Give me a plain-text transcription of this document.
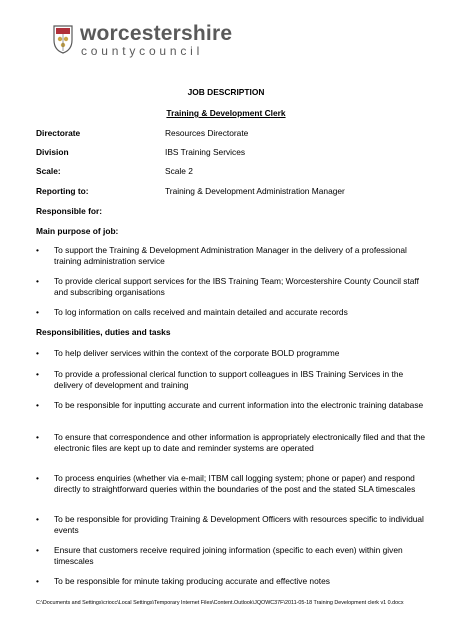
worcestershire
countycouncil
JOB DESCRIPTION
Training & Development Clerk
Directorate	Resources Directorate
Division	IBS Training Services
Scale:	Scale 2
Reporting to:	Training & Development Administration Manager
Responsible for:
Main purpose of job:
• To support the Training & Development Administration Manager in the delivery of a professional training administration service
• To provide clerical support services for the IBS Training Team; Worcestershire County Council staff and subscribing organisations
• To log information on calls received and maintain detailed and accurate records
Responsibilities, duties and tasks
• To help deliver services within the context of the corporate BOLD programme
• To provide a professional clerical function to support colleagues in IBS Training Services in the delivery of development and training
• To be responsible for inputting accurate and current information into the electronic training database
• To ensure that correspondence and other information is appropriately electronically filed and that the electronic files are kept up to date and reminder systems are operated
• To process enquiries (whether via e-mail; ITBM call logging system; phone or paper) and respond directly to straightforward queries within the boundaries of the post and the stated SLA timescales
• To be responsible for providing Training & Development Officers with resources specific to individual events
• Ensure that customers receive required joining information (specific to each even) within given timescales
• To be responsible for minute taking producing accurate and effective notes
C:\Documents and Settings\criocc\Local Settings\Temporary Internet Files\Content.Outlook\JQOWC37F\2011-05-18 Training Development clerk v1 0.docx
